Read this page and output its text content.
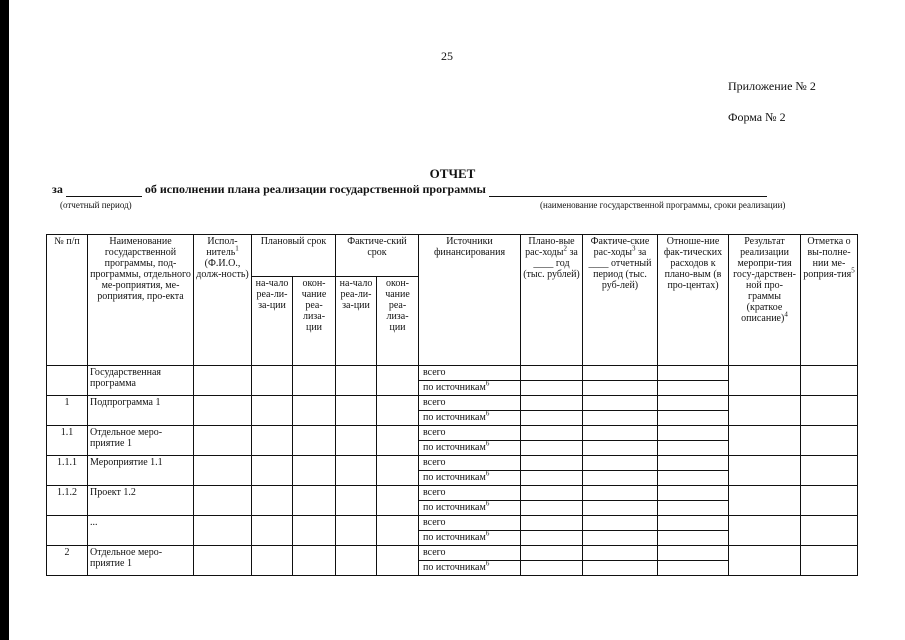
25
Приложение № 2
Форма № 2
ОТЧЕТ
за	об исполнении плана реализации государственной программы
(отчетный период)	(наименование государственной программы, сроки реализации)
№ п/п	Наименование государственной программы, под-программы, отдельного ме-роприятия, ме-роприятия, про-екта	Испол-нитель$^1$ (Ф.И.О., долж-ность)	Плановый срок		Фактиче-ский срок		Источники финансирования	Плано-вые рас-ходы$^2$ за ____ год (тыс. рублей)	Фактиче-ские рас-ходы$^3$ за ____ отчетный период (тыс. руб-лей)	Отноше-ние фак-тических расходов к плано-вым (в про-центах)	Результат реализации меропри-тия госу-дарствен-ной про-граммы (краткое описание)$^4$	Отметка о вы-полне-нии ме-роприя-тия$^5$
			на-чало реа-ли-за-ции	окон-чание реа-лиза-ции	на-чало реа-ли-за-ции	окон-чание реа-лиза-ции						
	Государственная программа						всего					
							по источникам$^6$			
1	Подпрограмма 1						всего					
							по источникам$^6$			
1.1	Отдельное меро-приятие 1						всего					
							по источникам$^6$			
1.1.1	Мероприятие 1.1						всего					
							по источникам$^6$			
1.1.2	Проект 1.2						всего					
							по источникам$^6$			
	...						всего					
							по источникам$^6$			
2	Отдельное меро-приятие 1						всего					
							по источникам$^6$			
